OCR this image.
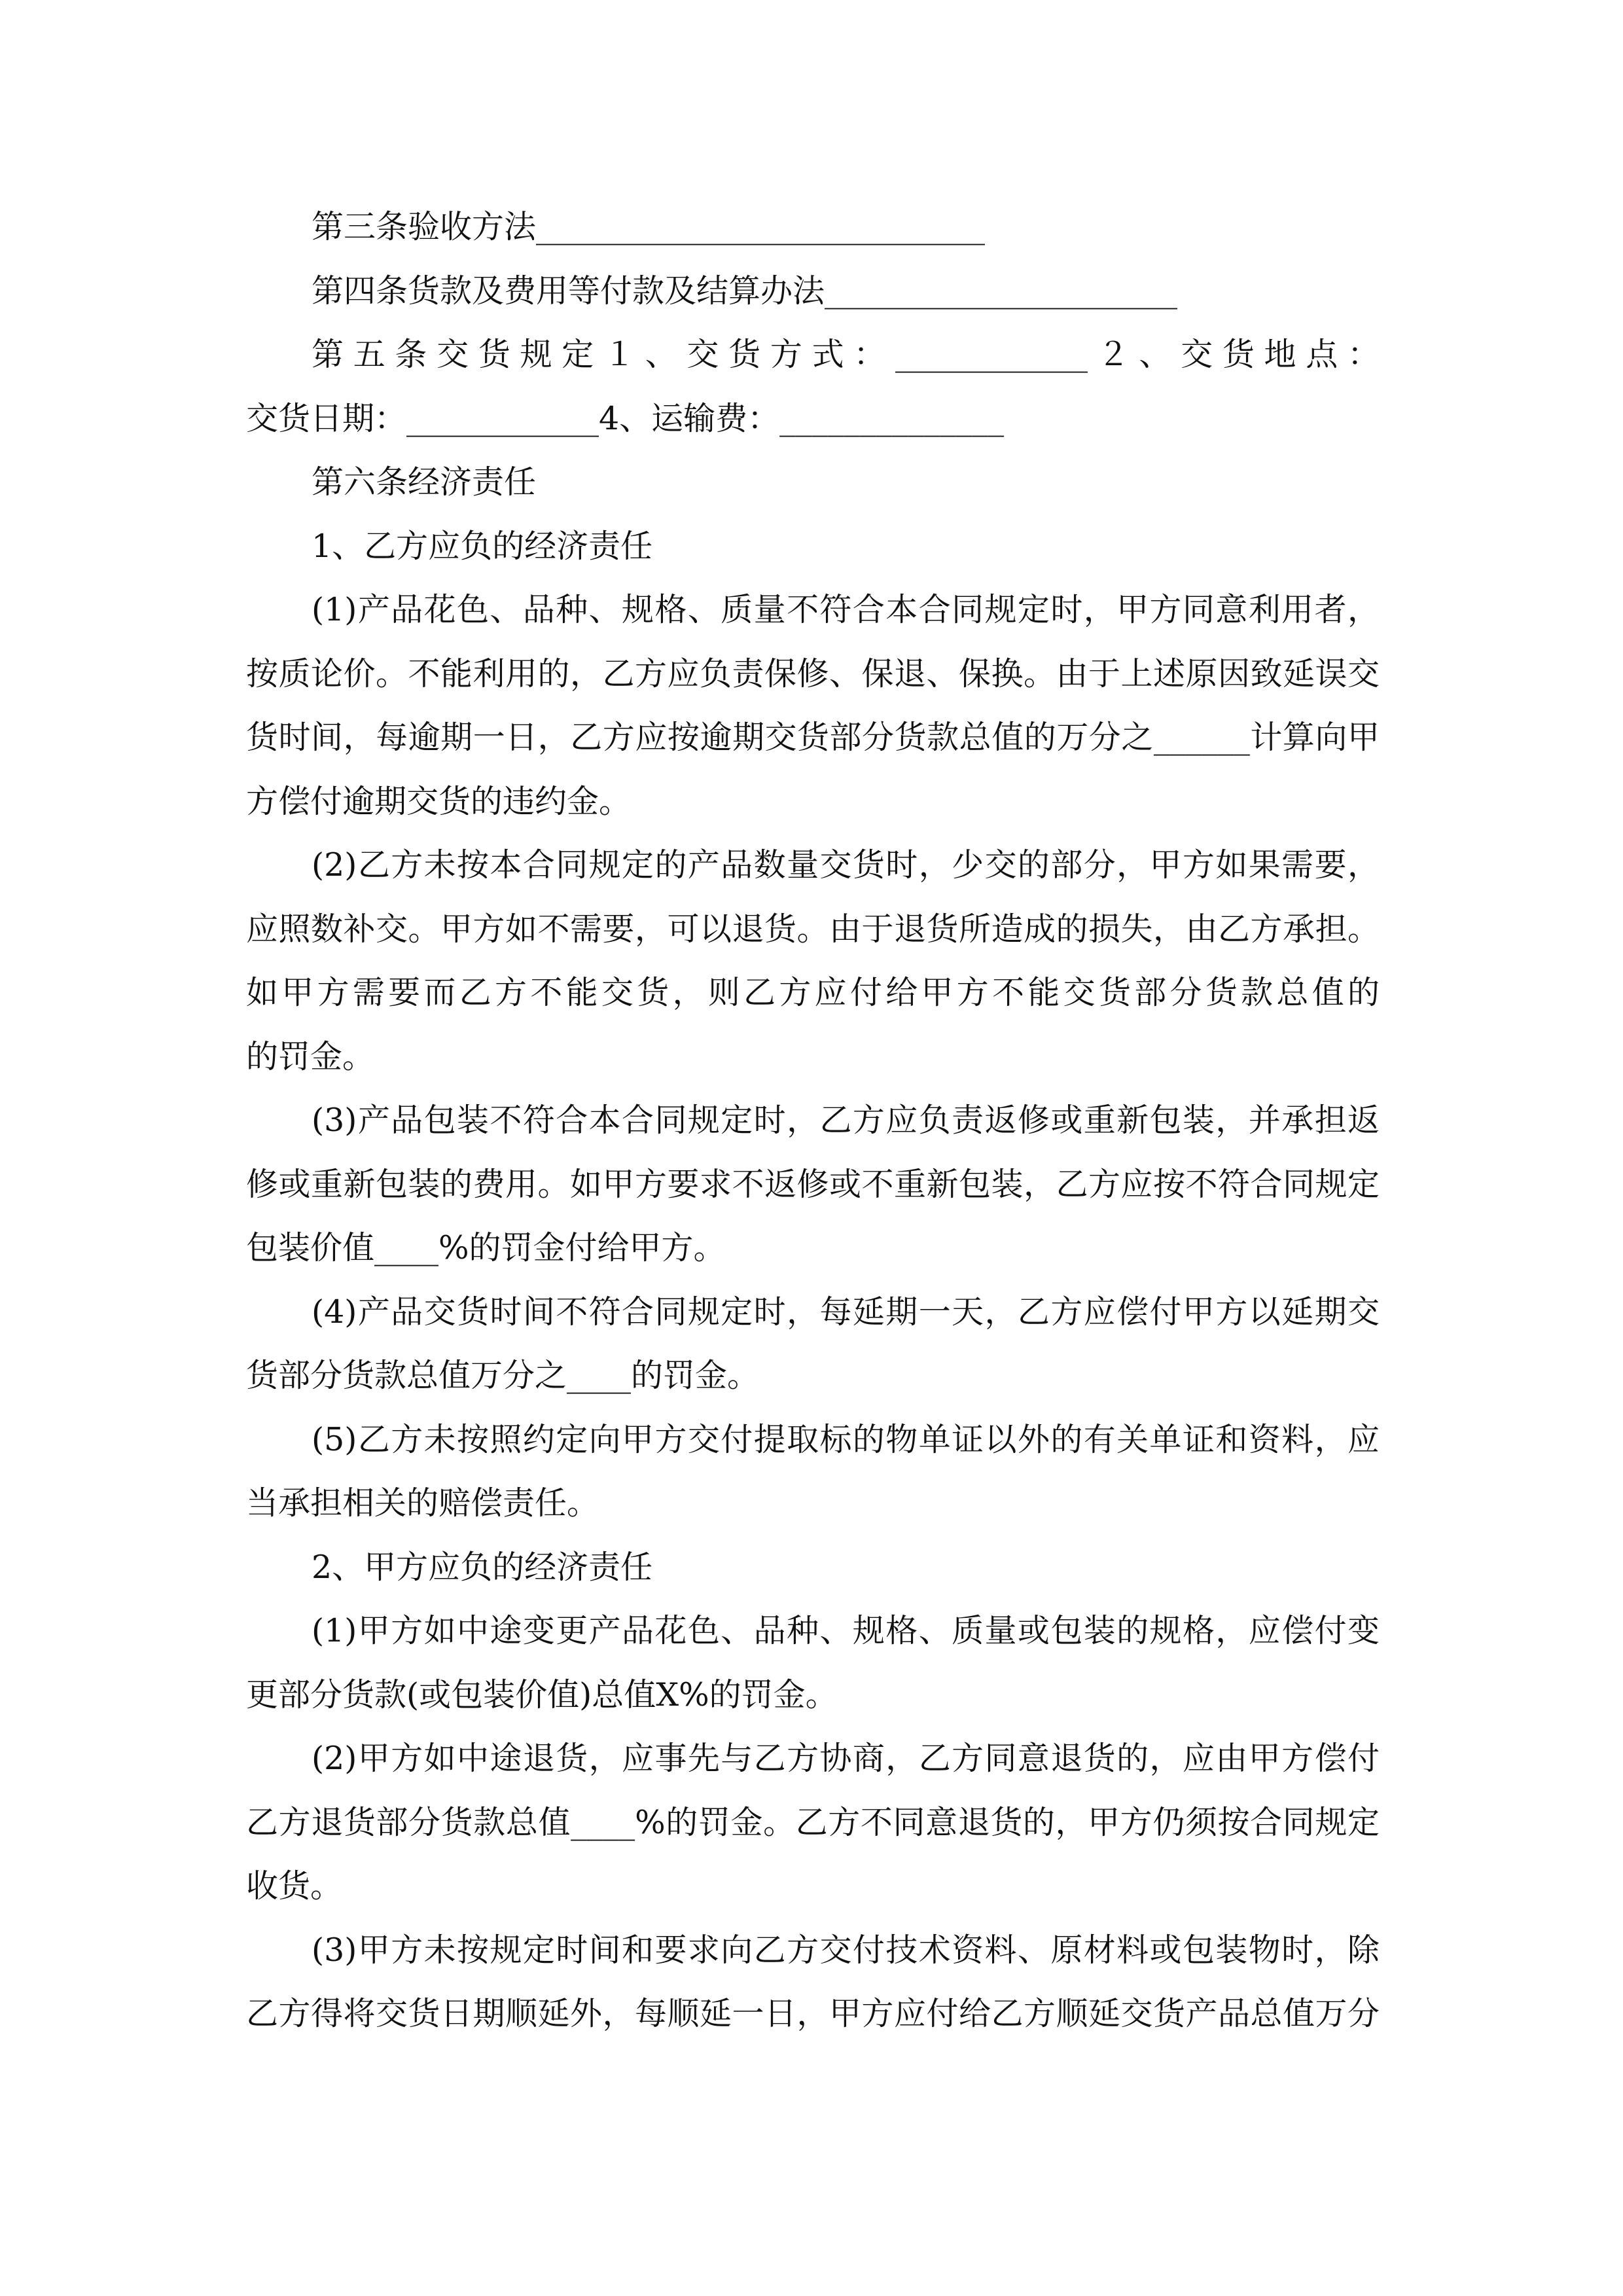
第三条验收方法____________________________
第四条货款及费用等付款及结算办法______________________
第五条交货规定１、交货方式：____________２、交货地点：
交货日期：____________4、运输费：______________
第六条经济责任
1、乙方应负的经济责任
(1)产品花色、品种、规格、质量不符合本合同规定时，甲方同意利用者，
按质论价。不能利用的，乙方应负责保修、保退、保换。由于上述原因致延误交
货时间，每逾期一日，乙方应按逾期交货部分货款总值的万分之______计算向甲
方偿付逾期交货的违约金。
(2)乙方未按本合同规定的产品数量交货时，少交的部分，甲方如果需要，
应照数补交。甲方如不需要，可以退货。由于退货所造成的损失，由乙方承担。
如甲方需要而乙方不能交货，则乙方应付给甲方不能交货部分货款总值的
的罚金。
(3)产品包装不符合本合同规定时，乙方应负责返修或重新包装，并承担返
修或重新包装的费用。如甲方要求不返修或不重新包装，乙方应按不符合同规定
包装价值____%的罚金付给甲方。
(4)产品交货时间不符合同规定时，每延期一天，乙方应偿付甲方以延期交
货部分货款总值万分之____的罚金。
(5)乙方未按照约定向甲方交付提取标的物单证以外的有关单证和资料，应
当承担相关的赔偿责任。
2、甲方应负的经济责任
(1)甲方如中途变更产品花色、品种、规格、质量或包装的规格，应偿付变
更部分货款(或包装价值)总值X%的罚金。
(2)甲方如中途退货，应事先与乙方协商，乙方同意退货的，应由甲方偿付
乙方退货部分货款总值____%的罚金。乙方不同意退货的，甲方仍须按合同规定
收货。
(3)甲方未按规定时间和要求向乙方交付技术资料、原材料或包装物时，除
乙方得将交货日期顺延外，每顺延一日，甲方应付给乙方顺延交货产品总值万分
